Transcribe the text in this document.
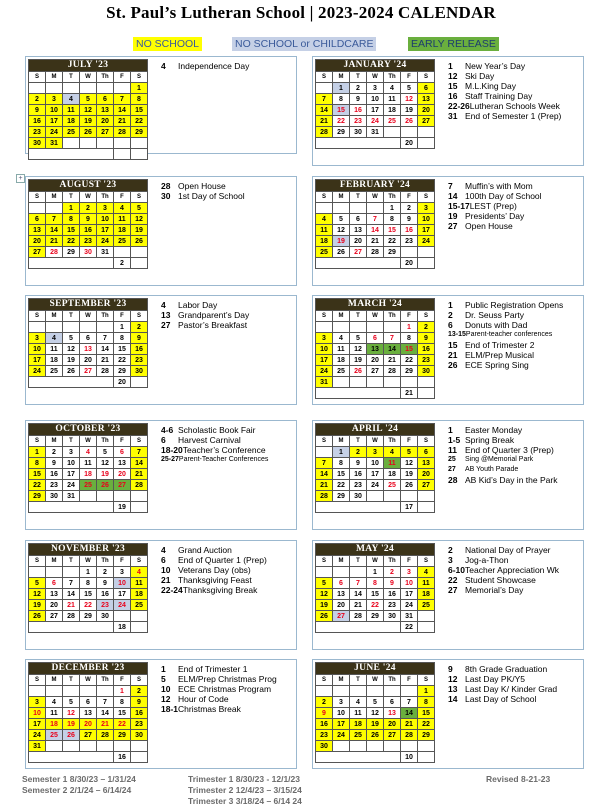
St. Paul’s Lutheran School | 2023-2024 CALENDAR
NO SCHOOL	NO SCHOOL or CHILDCARE	EARLY RELEASE
+
JULY '23						
S	M	T	W	Th	F	S
						1
2	3	4	5	6	7	8
9	10	11	12	13	14	15
16	17	18	19	20	21	22
23	24	25	26	27	28	29
30	31					

4 Independence Day	JANUARY '24						
S	M	T	W	Th	F	S
	1	2	3	4	5	6
7	8	9	10	11	12	13
14	15	16	17	18	19	20
21	22	23	24	25	26	27
28	29	30	31			
					20	
1 New Year’s Day
12 Ski Day
15 M.L.King Day
16 Staff Training Day
22-26Lutheran Schools Week
31 End of Semester 1 (Prep)
AUGUST '23						
S	M	T	W	Th	F	S
		1	2	3	4	5
6	7	8	9	10	11	12
13	14	15	16	17	18	19
20	21	22	23	24	25	26
27	28	29	30	31		
					2	
28 Open House
30 1st Day of School
FEBRUARY '24						
S	M	T	W	Th	F	S
				1	2	3
4	5	6	7	8	9	10
11	12	13	14	15	16	17
18	19	20	21	22	23	24
25	26	27	28	29		
					20	
7 Muffin’s with Mom
14 100th Day of School
15-17LEST (Prep)
19 Presidents’ Day
27 Open House
SEPTEMBER '23						
S	M	T	W	Th	F	S
					1	2
3	4	5	6	7	8	9
10	11	12	13	14	15	16
17	18	19	20	21	22	23
24	25	26	27	28	29	30
					20	
4 Labor Day
13 Grandparent’s Day
27 Pastor’s Breakfast
MARCH '24						
S	M	T	W	Th	F	S
					1	2
3	4	5	6	7	8	9
10	11	12	13	14	15	16
17	18	19	20	21	22	23
24	25	26	27	28	29	30
31						
					21	
1 Public Registration Opens
2 Dr. Seuss Party
6 Donuts with Dad
13-15Parent-teacher conferences
15 End of Trimester 2
21 ELM/Prep Musical
26 ECE Spring Sing
OCTOBER '23						
S	M	T	W	Th	F	S
1	2	3	4	5	6	7
8	9	10	11	12	13	14
15	16	17	18	19	20	21
22	23	24	25	26	27	28
29	30	31				
					19	
4-6 Scholastic Book Fair
6 Harvest Carnival
18-20Teacher’s Conference
25-27Parent-Teacher Conferences
APRIL '24						
S	M	T	W	Th	F	S
	1	2	3	4	5	6
7	8	9	10	11	12	13
14	15	16	17	18	19	20
21	22	23	24	25	26	27
28	29	30				
					17	
1 Easter Monday
1-5 Spring Break
11 End of Quarter 3 (Prep)
25 Sing @Memorial Park
27 AB Youth Parade
28 AB Kid’s Day in the Park
NOVEMBER '23						
S	M	T	W	Th	F	S
			1	2	3	4
5	6	7	8	9	10	11
12	13	14	15	16	17	18
19	20	21	22	23	24	25
26	27	28	29	30		
					18	
4 Grand Auction
6 End of Quarter 1 (Prep)
10 Veterans Day (obs)
21 Thanksgiving Feast
22-24Thanksgiving Break
MAY '24						
S	M	T	W	Th	F	S
			1	2	3	4
5	6	7	8	9	10	11
12	13	14	15	16	17	18
19	20	21	22	23	24	25
26	27	28	29	30	31	
					22	
2 National Day of Prayer
3 Jog-a-Thon
6-10Teacher Appreciation Wk
22 Student Showcase
27 Memorial’s Day
DECEMBER '23						
S	M	T	W	Th	F	S
					1	2
3	4	5	6	7	8	9
10	11	12	13	14	15	16
17	18	19	20	21	22	23
24	25	26	27	28	29	30
31						
					16	
1 End of Trimester 1
5 ELM/Prep Christmas Prog
10 ECE Christmas Program
12 Hour of Code
18-1Christmas Break
JUNE '24						
S	M	T	W	Th	F	S
						1
2	3	4	5	6	7	8
9	10	11	12	13	14	15
16	17	18	19	20	21	22
23	24	25	26	27	28	29
30						
					10	
9 8th Grade Graduation
12 Last Day PK/Y5
13 Last Day K/ Kinder Grad
14 Last Day of School
Semester 1 8/30/23 – 1/31/24
Semester 2 2/1/24 – 6/14/24
Trimester 1 8/30/23 - 12/1/23
Trimester 2 12/4/23 – 3/15/24
Trimester 3 3/18/24 – 6/14 24
Revised 8-21-23
